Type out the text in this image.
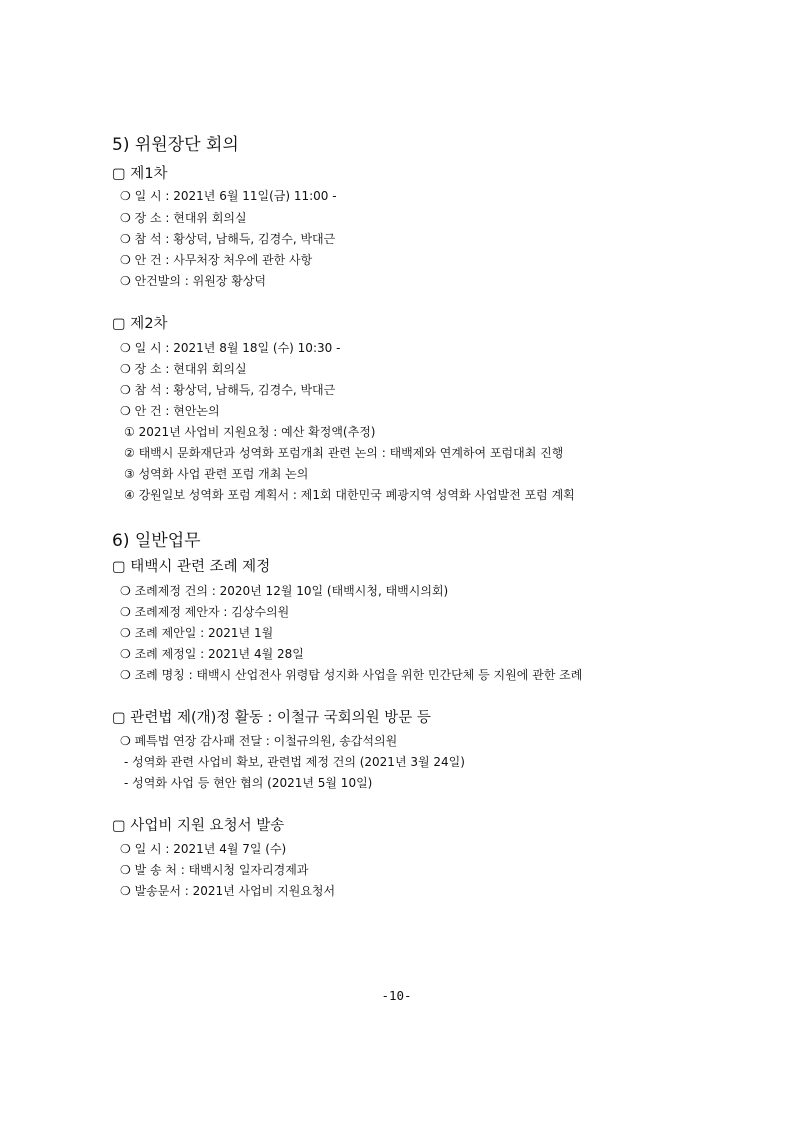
5) 위원장단 회의
▢ 제1차
❍ 일 시 : 2021년 6월 11일(금) 11:00 -
❍ 장 소 : 현대위 회의실
❍ 참 석 : 황상덕, 남해득, 김경수, 박대근
❍ 안 건 : 사무처장 처우에 관한 사항
❍ 안건발의 : 위원장 황상덕
▢ 제2차
❍ 일 시 : 2021년 8월 18일 (수) 10:30 -
❍ 장 소 : 현대위 회의실
❍ 참 석 : 황상덕, 남해득, 김경수, 박대근
❍ 안 건 : 현안논의
① 2021년 사업비 지원요청 : 예산 확정액(추정)
② 태백시 문화재단과 성역화 포럼개최 관련 논의 : 태백제와 연계하여 포럼대최 진행
③ 성역화 사업 관련 포럼 개최 논의
④ 강원일보 성역화 포럼 계획서 : 제1회 대한민국 폐광지역 성역화 사업발전 포럼 계획
6) 일반업무
▢ 태백시 관련 조례 제정
❍ 조례제정 건의 : 2020년 12월 10일 (태백시청, 태백시의회)
❍ 조례제정 제안자 : 김상수의원
❍ 조례 제안일 : 2021년 1월
❍ 조례 제정일 : 2021년 4월 28일
❍ 조례 명칭 : 태백시 산업전사 위령탑 성지화 사업을 위한 민간단체 등 지원에 관한 조례
▢ 관련법 제(개)정 활동 : 이철규 국회의원 방문 등
❍ 폐특법 연장 감사패 전달 : 이철규의원, 송갑석의원
- 성역화 관련 사업비 확보, 관련법 제정 건의 (2021년 3월 24일)
- 성역화 사업 등 현안 협의 (2021년 5월 10일)
▢ 사업비 지원 요청서 발송
❍ 일 시 : 2021년 4월 7일 (수)
❍ 발 송 처 : 태백시청 일자리경제과
❍ 발송문서 : 2021년 사업비 지원요청서
-10-
